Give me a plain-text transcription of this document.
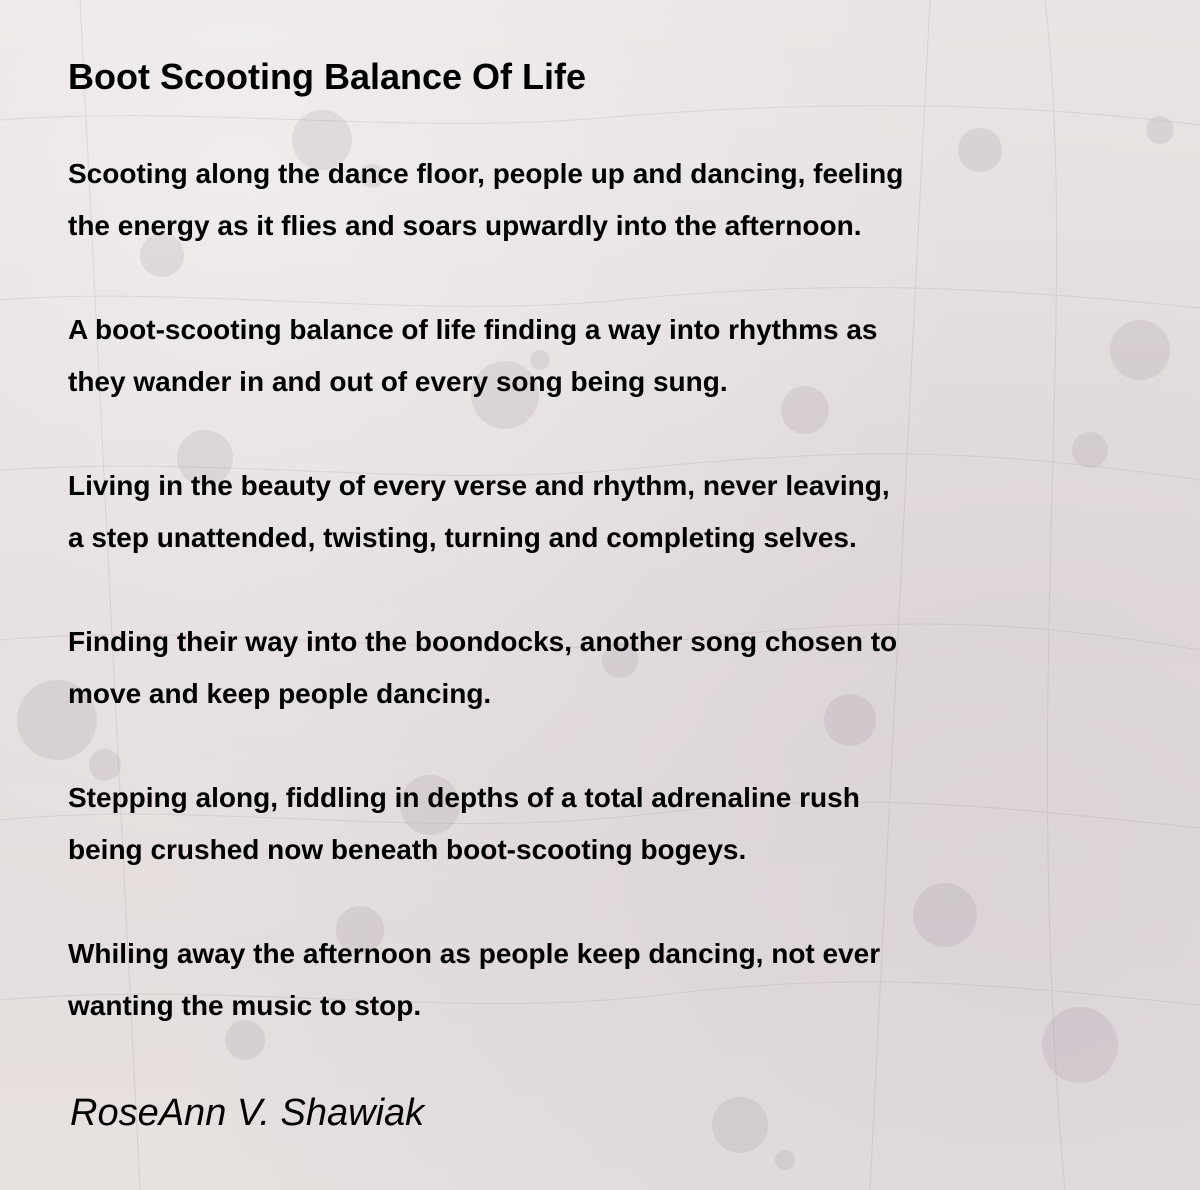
Boot Scooting Balance Of Life

Scooting along the dance floor, people up and dancing, feeling
the energy as it flies and soars upwardly into the afternoon.

A boot-scooting balance of life finding a way into rhythms as
they wander in and out of every song being sung.

Living in the beauty of every verse and rhythm, never leaving,
a step unattended, twisting, turning and completing selves.

Finding their way into the boondocks, another song chosen to
move and keep people dancing.

Stepping along, fiddling in depths of a total adrenaline rush
being crushed now beneath boot-scooting bogeys.

Whiling away the afternoon as people keep dancing, not ever
wanting the music to stop.

RoseAnn V. Shawiak
